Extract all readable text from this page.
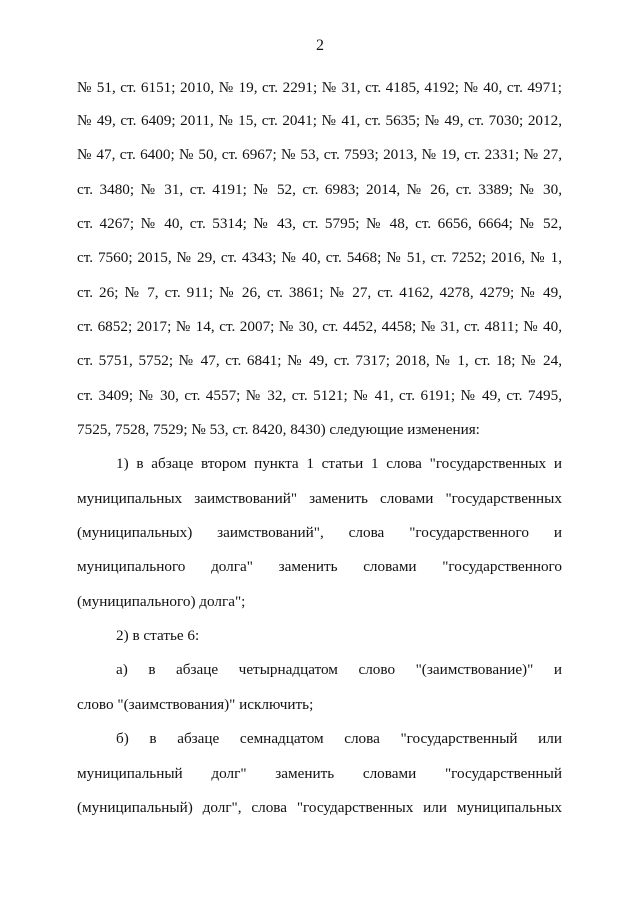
2
№ 51, ст. 6151; 2010, № 19, ст. 2291; № 31, ст. 4185, 4192; № 40, ст. 4971;
№ 49, ст. 6409; 2011, № 15, ст. 2041; № 41, ст. 5635; № 49, ст. 7030; 2012,
№ 47, ст. 6400; № 50, ст. 6967; № 53, ст. 7593; 2013, № 19, ст. 2331; № 27,
ст. 3480; № 31, ст. 4191; № 52, ст. 6983; 2014, № 26, ст. 3389; № 30,
ст. 4267; № 40, ст. 5314; № 43, ст. 5795; № 48, ст. 6656, 6664; № 52,
ст. 7560; 2015, № 29, ст. 4343; № 40, ст. 5468; № 51, ст. 7252; 2016, № 1,
ст. 26; № 7, ст. 911; № 26, ст. 3861; № 27, ст. 4162, 4278, 4279; № 49,
ст. 6852; 2017; № 14, ст. 2007; № 30, ст. 4452, 4458; № 31, ст. 4811; № 40,
ст. 5751, 5752; № 47, ст. 6841; № 49, ст. 7317; 2018, № 1, ст. 18; № 24,
ст. 3409; № 30, ст. 4557; № 32, ст. 5121; № 41, ст. 6191; № 49, ст. 7495,
7525, 7528, 7529; № 53, ст. 8420, 8430) следующие изменения:
1) в абзаце втором пункта 1 статьи 1 слова "государственных и
муниципальных заимствований" заменить словами "государственных
(муниципальных) заимствований", слова "государственного и
муниципального долга" заменить словами "государственного
(муниципального) долга";
2) в статье 6:
а) в абзаце четырнадцатом слово "(заимствование)" и
слово "(заимствования)" исключить;
б) в абзаце семнадцатом слова "государственный или
муниципальный долг" заменить словами "государственный
(муниципальный) долг", слова "государственных или муниципальных
